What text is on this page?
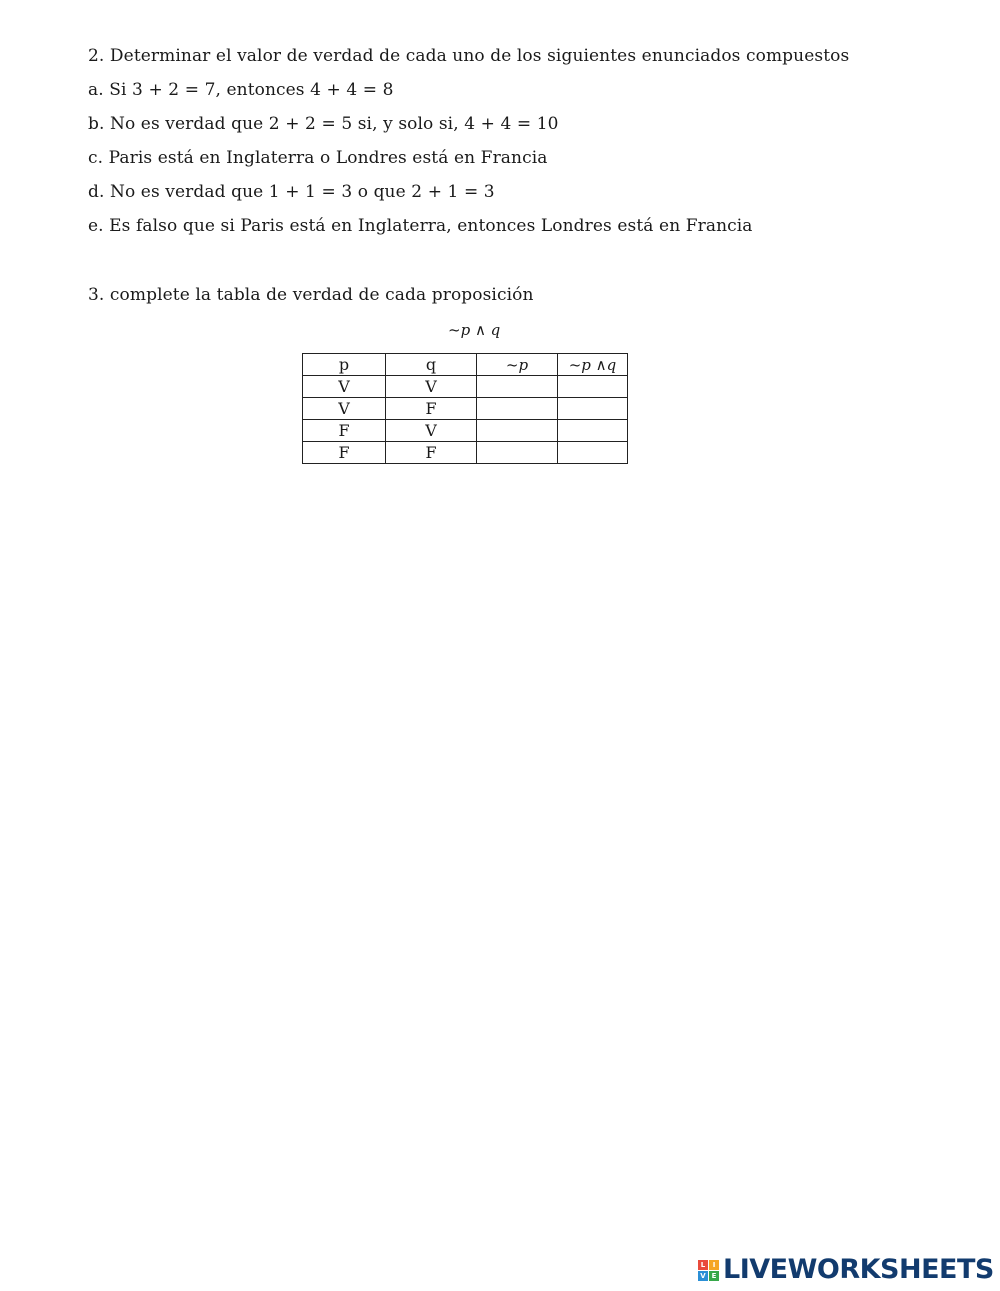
2. Determinar el valor de verdad de cada uno de los siguientes enunciados compuestos
a. Si 3 + 2 = 7, entonces 4 + 4 = 8
b. No es verdad que 2 + 2 = 5 si, y solo si, 4 + 4 = 10
c. Paris está en Inglaterra o Londres está en Francia
d. No es verdad que 1 + 1 = 3 o que 2 + 1 = 3
e. Es falso que si Paris está en Inglaterra, entonces Londres está en Francia
3. complete la tabla de verdad de cada proposición
~p ∧ q
p	q	~p	~p ∧q
V	V		
V	F		
F	V		
F	F		
L	I
V E LIVEWORKSHEETS
